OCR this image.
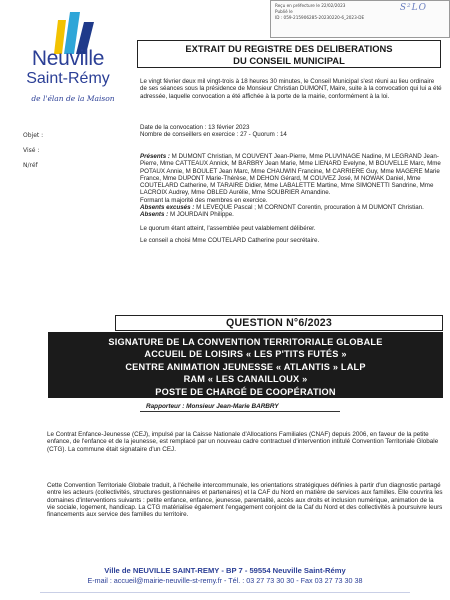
Reçu en préfecture le 22/02/2023
Publié le
ID : 059-215906285-20230220-6_2023-DE
S²LO
Neuville
Saint-Rémy
de l'élan de la Maison
Objet :
Visé :
N/réf
EXTRAIT DU REGISTRE DES DELIBERATIONS
DU CONSEIL MUNICIPAL
Le vingt février deux mil vingt-trois à 18 heures 30 minutes, le Conseil Municipal s'est réuni au lieu ordinaire de ses séances sous la présidence de Monsieur Christian DUMONT, Maire, suite à la convocation qui lui a été adressée, laquelle convocation a été affichée à la porte de la mairie, conformément à la loi.
Date de la convocation : 13 février 2023
Nombre de conseillers en exercice : 27 - Quorum : 14
Présents : M DUMONT Christian, M COUVENT Jean-Pierre, Mme PLUVINAGE Nadine, M LEGRAND Jean-Pierre, Mme CATTEAUX Annick, M BARBRY Jean Marie, Mme LIENARD Evelyne, M BOUVELLE Marc, Mme POTAUX Annie, M BOULET Jean Marc, Mme CHAUWIN Francine, M CARRIERE Guy, Mme MAGERE Marie France, Mme DUPONT Marie-Thérèse, M DEHON Gérard, M COUVEZ José, M NOWAK Daniel, Mme COUTELARD Catherine, M TARAIRE Didier, Mme LABALETTE Martine, Mme SIMONETTI Sandrine, Mme LACROIX Audrey, Mme OBLED Aurélie, Mme SOUBRIER Amandine.
Formant la majorité des membres en exercice.
Absents excusés : M LEVEQUE Pascal ; M CORNONT Corentin, procuration à M DUMONT Christian.
Absents : M JOURDAIN Philippe.
Le quorum étant atteint, l'assemblée peut valablement délibérer.
Le conseil a choisi Mme COUTELARD Catherine pour secrétaire.
QUESTION N°6/2023
SIGNATURE DE LA CONVENTION TERRITORIALE GLOBALE
ACCUEIL DE LOISIRS « LES P'TITS FUTÉS »
CENTRE ANIMATION JEUNESSE « ATLANTIS » LALP
RAM « LES CANAILLOUX »
POSTE DE CHARGÉ DE COOPÉRATION
Rapporteur : Monsieur Jean-Marie BARBRY
Le Contrat Enfance-Jeunesse (CEJ), impulsé par la Caisse Nationale d'Allocations Familiales (CNAF) depuis 2006, en faveur de la petite enfance, de l'enfance et de la jeunesse, est remplacé par un nouveau cadre contractuel d'intervention intitulé Convention Territoriale Globale (CTG). La commune était signataire d'un CEJ.
Cette Convention Territoriale Globale traduit, à l'échelle intercommunale, les orientations stratégiques définies à partir d'un diagnostic partagé entre les acteurs (collectivités, structures gestionnaires et partenaires) et la CAF du Nord en matière de services aux familles. Elle couvrira les domaines d'interventions suivants : petite enfance, enfance, jeunesse, parentalité, accès aux droits et inclusion numérique, animation de la vie sociale, logement, handicap. La CTG matérialise également l'engagement conjoint de la Caf du Nord et des collectivités à poursuivre leurs financements aux service des familles du territoire.
Ville de NEUVILLE SAINT-REMY - BP 7 - 59554 Neuville Saint-Rémy
E-mail : accueil@mairie-neuville-st-remy.fr - Tél. : 03 27 73 30 30 - Fax 03 27 73 30 38
